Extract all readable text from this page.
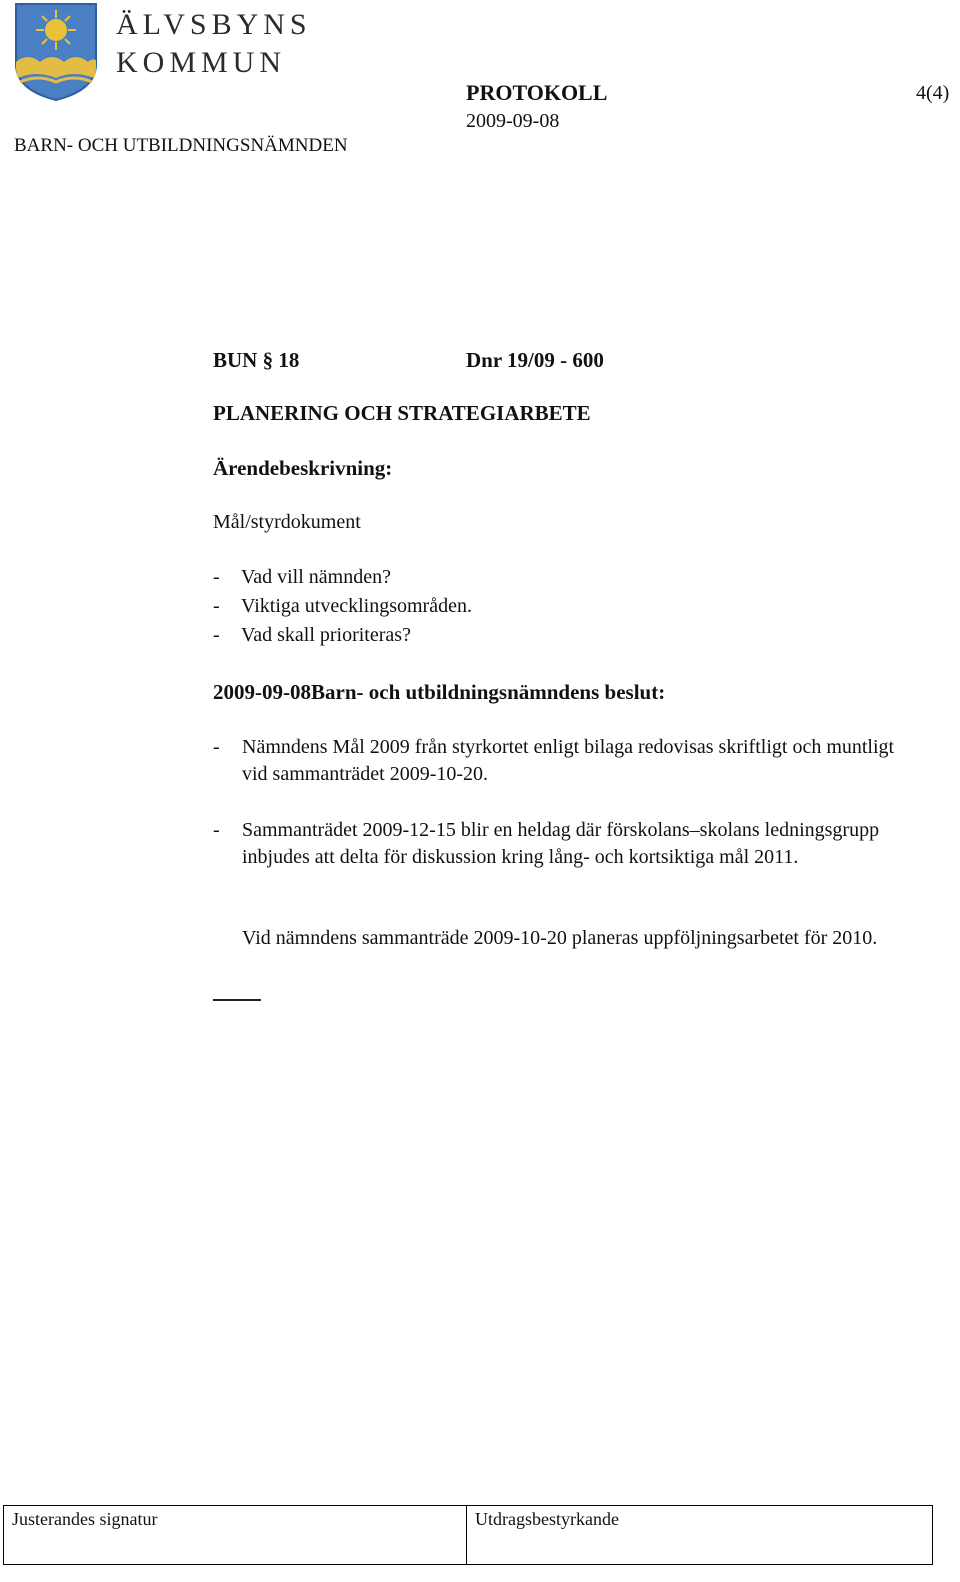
ÄLVSBYNS
KOMMUN
PROTOKOLL
2009-09-08
4(4)
BARN- OCH UTBILDNINGSNÄMNDEN
BUN § 18	Dnr 19/09 - 600
PLANERING OCH STRATEGIARBETE
Ärendebeskrivning:
Mål/styrdokument
- Vad vill nämnden?
- Viktiga utvecklingsområden.
- Vad skall prioriteras?
2009-09-08Barn- och utbildningsnämndens beslut:
- Nämndens Mål 2009 från styrkortet enligt bilaga redovisas skriftligt och muntligt vid sammanträdet 2009-10-20.
- Sammanträdet 2009-12-15 blir en heldag där förskolans–skolans ledningsgrupp inbjudes att delta för diskussion kring lång- och kortsiktiga mål 2011.
Vid nämndens sammanträde 2009-10-20 planeras uppföljningsarbetet för 2010.
Justerandes signatur	Utdragsbestyrkande
